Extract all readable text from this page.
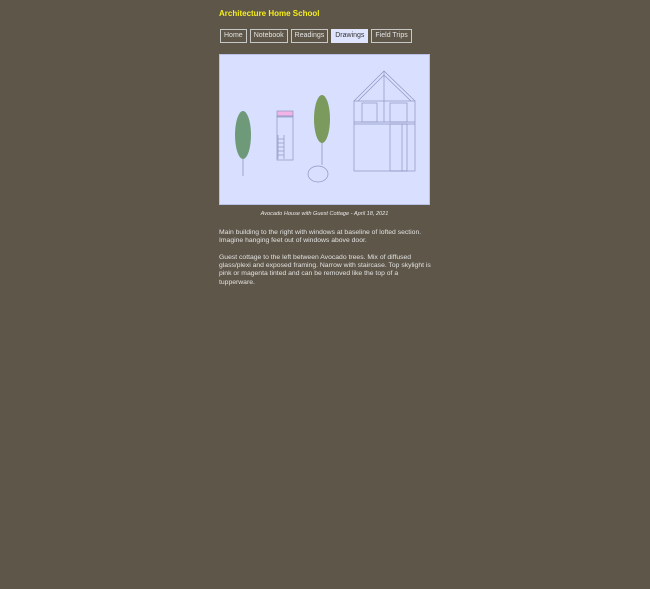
Architecture Home School
Home	Notebook	Readings	Drawings	Field Trips
Avocado House with Guest Cottage - April 18, 2021

Main building to the right with windows at baseline of lofted section. Imagine hanging feet out of windows above door.

Guest cottage to the left between Avocado trees. Mix of diffused glass/plexi and exposed framing. Narrow with staircase. Top skylight is pink or magenta tinted and can be removed like the top of a tupperware.
